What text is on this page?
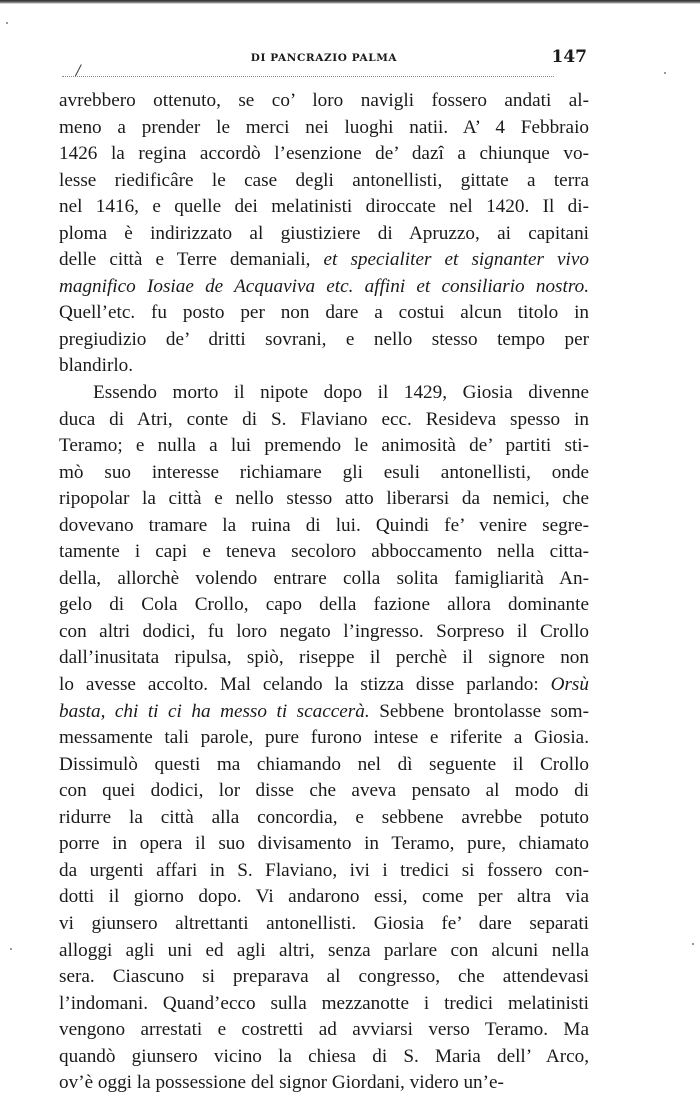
DI PANCRAZIO PALMA	147
/
avrebbero ottenuto, se co’ loro navigli fossero andati al-
meno a prender le merci nei luoghi natii. A’ 4 Febbraio
1426 la regina accordò l’esenzione de’ dazî a chiunque vo-
lesse riedificâre le case degli antonellisti, gittate a terra
nel 1416, e quelle dei melatinisti diroccate nel 1420. Il di-
ploma è indirizzato al giustiziere di Apruzzo, ai capitani
delle città e Terre demaniali, et specialiter et signanter vivo
magnifico Iosiae de Acquaviva etc. affini et consiliario nostro.
Quell’etc. fu posto per non dare a costui alcun titolo in
pregiudizio de’ dritti sovrani, e nello stesso tempo per
blandirlo.
Essendo morto il nipote dopo il 1429, Giosia divenne
duca di Atri, conte di S. Flaviano ecc. Resideva spesso in
Teramo; e nulla a lui premendo le animosità de’ partiti sti-
mò suo interesse richiamare gli esuli antonellisti, onde
ripopolar la città e nello stesso atto liberarsi da nemici, che
dovevano tramare la ruina di lui. Quindi fe’ venire segre-
tamente i capi e teneva secoloro abboccamento nella citta-
della, allorchè volendo entrare colla solita famigliarità An-
gelo di Cola Crollo, capo della fazione allora dominante
con altri dodici, fu loro negato l’ingresso. Sorpreso il Crollo
dall’inusitata ripulsa, spiò, riseppe il perchè il signore non
lo avesse accolto. Mal celando la stizza disse parlando: Orsù
basta, chi ti ci ha messo ti scaccerà. Sebbene brontolasse som-
messamente tali parole, pure furono intese e riferite a Giosia.
Dissimulò questi ma chiamando nel dì seguente il Crollo
con quei dodici, lor disse che aveva pensato al modo di
ridurre la città alla concordia, e sebbene avrebbe potuto
porre in opera il suo divisamento in Teramo, pure, chiamato
da urgenti affari in S. Flaviano, ivi i tredici si fossero con-
dotti il giorno dopo. Vi andarono essi, come per altra via
vi giunsero altrettanti antonellisti. Giosia fe’ dare separati
alloggi agli uni ed agli altri, senza parlare con alcuni nella
sera. Ciascuno si preparava al congresso, che attendevasi
l’indomani. Quand’ecco sulla mezzanotte i tredici melatinisti
vengono arrestati e costretti ad avviarsi verso Teramo. Ma
quandò giunsero vicino la chiesa di S. Maria dell’ Arco,
ov’è oggi la possessione del signor Giordani, videro un’e-
